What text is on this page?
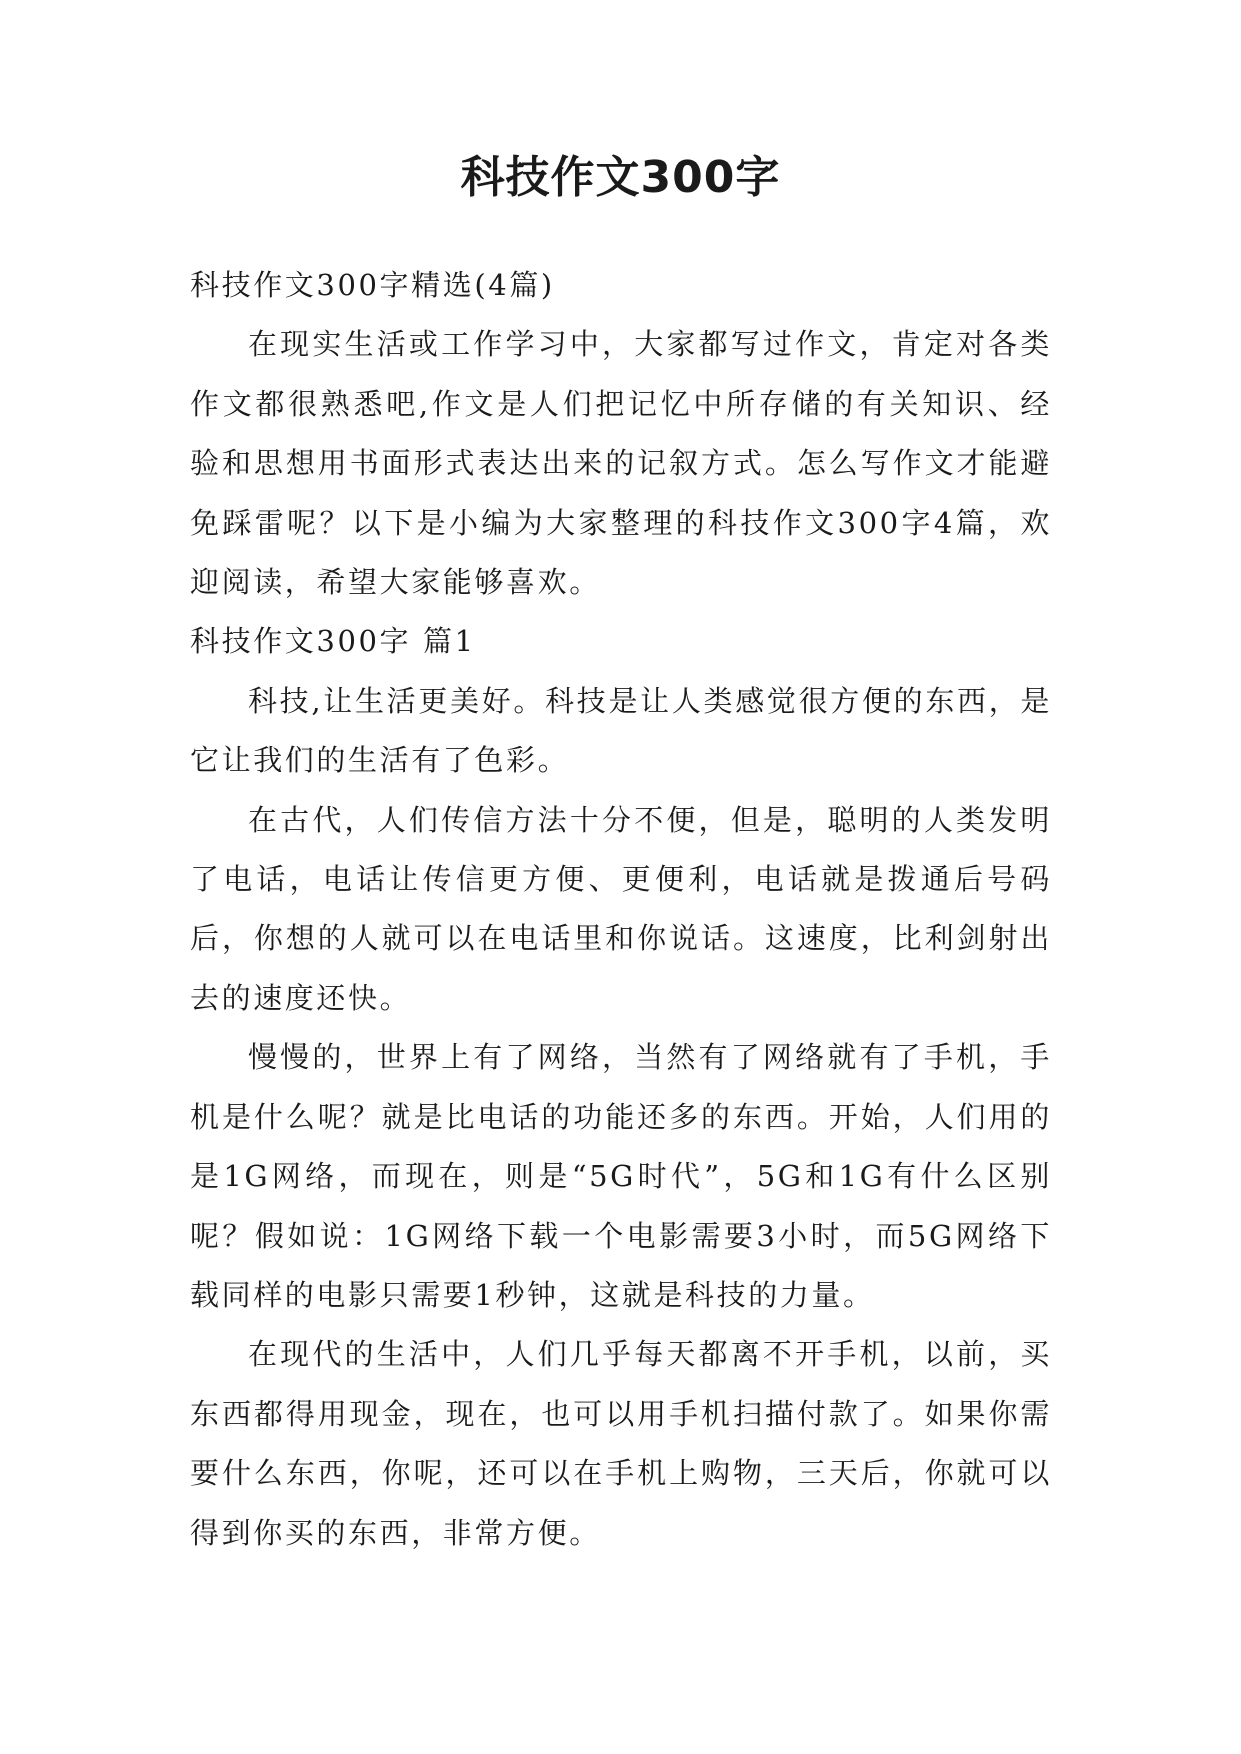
科技作文300字

科技作文300字精选(4篇)

在现实生活或工作学习中，大家都写过作文，肯定对各类作文都很熟悉吧,作文是人们把记忆中所存储的有关知识、经验和思想用书面形式表达出来的记叙方式。怎么写作文才能避免踩雷呢？以下是小编为大家整理的科技作文300字4篇，欢迎阅读，希望大家能够喜欢。

科技作文300字 篇1

科技,让生活更美好。科技是让人类感觉很方便的东西，是它让我们的生活有了色彩。

在古代，人们传信方法十分不便，但是，聪明的人类发明了电话，电话让传信更方便、更便利，电话就是拨通后号码后，你想的人就可以在电话里和你说话。这速度，比利剑射出去的速度还快。

慢慢的，世界上有了网络，当然有了网络就有了手机，手机是什么呢？就是比电话的功能还多的东西。开始，人们用的是1G网络，而现在，则是“5G时代”，5G和1G有什么区别呢？假如说：1G网络下载一个电影需要3小时，而5G网络下载同样的电影只需要1秒钟，这就是科技的力量。

在现代的生活中，人们几乎每天都离不开手机，以前，买东西都得用现金，现在，也可以用手机扫描付款了。如果你需要什么东西，你呢，还可以在手机上购物，三天后，你就可以得到你买的东西，非常方便。
